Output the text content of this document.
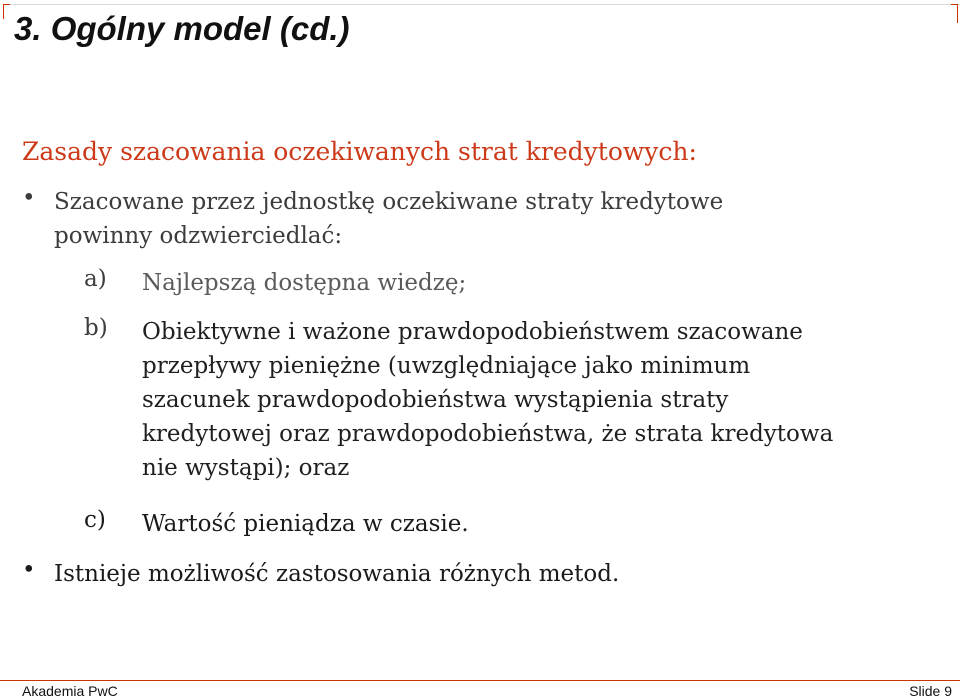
3. Ogólny model (cd.)

Zasady szacowania oczekiwanych strat kredytowych:

• Szacowane przez jednostkę oczekiwane straty kredytowe powinny odzwierciedlać:
a)	Najlepszą dostępna wiedzę;
b)	Obiektywne i ważone prawdopodobieństwem szacowane przepływy pieniężne (uwzględniające jako minimum szacunek prawdopodobieństwa wystąpienia straty kredytowej oraz prawdopodobieństwa, że strata kredytowa nie wystąpi); oraz
c)	Wartość pieniądza w czasie.
• Istnieje możliwość zastosowania różnych metod.
Akademia PwC	Slide 9
